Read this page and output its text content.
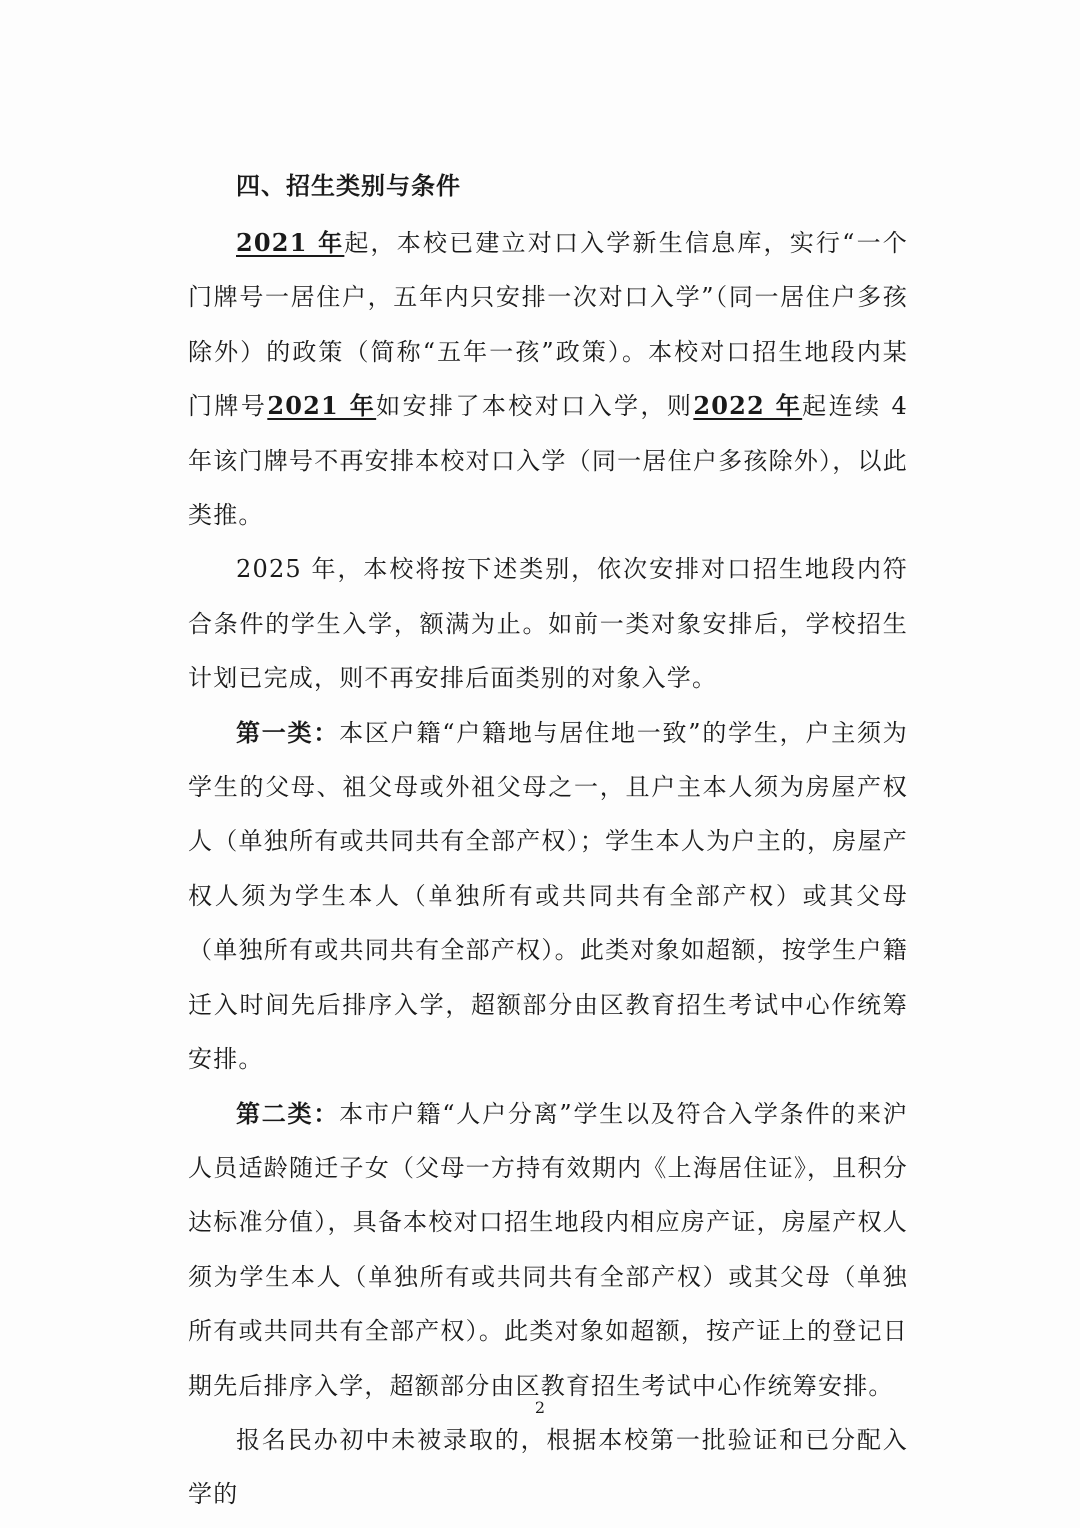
四、招生类别与条件

2021 年起，本校已建立对口入学新生信息库，实行“一个门牌号一居住户，五年内只安排一次对口入学”（同一居住户多孩除外）的政策（简称“五年一孩”政策）。本校对口招生地段内某门牌号2021 年如安排了本校对口入学，则2022 年起连续 4 年该门牌号不再安排本校对口入学（同一居住户多孩除外），以此类推。

2025 年，本校将按下述类别，依次安排对口招生地段内符合条件的学生入学，额满为止。如前一类对象安排后，学校招生计划已完成，则不再安排后面类别的对象入学。

第一类：本区户籍“户籍地与居住地一致”的学生，户主须为学生的父母、祖父母或外祖父母之一，且户主本人须为房屋产权人（单独所有或共同共有全部产权）；学生本人为户主的，房屋产权人须为学生本人（单独所有或共同共有全部产权）或其父母（单独所有或共同共有全部产权）。此类对象如超额，按学生户籍迁入时间先后排序入学，超额部分由区教育招生考试中心作统筹安排。

第二类：本市户籍“人户分离”学生以及符合入学条件的来沪人员适龄随迁子女（父母一方持有效期内《上海居住证》，且积分达标准分值），具备本校对口招生地段内相应房产证，房屋产权人须为学生本人（单独所有或共同共有全部产权）或其父母（单独所有或共同共有全部产权）。此类对象如超额，按产证上的登记日期先后排序入学，超额部分由区教育招生考试中心作统筹安排。

报名民办初中未被录取的，根据本校第一批验证和已分配入学的

2
